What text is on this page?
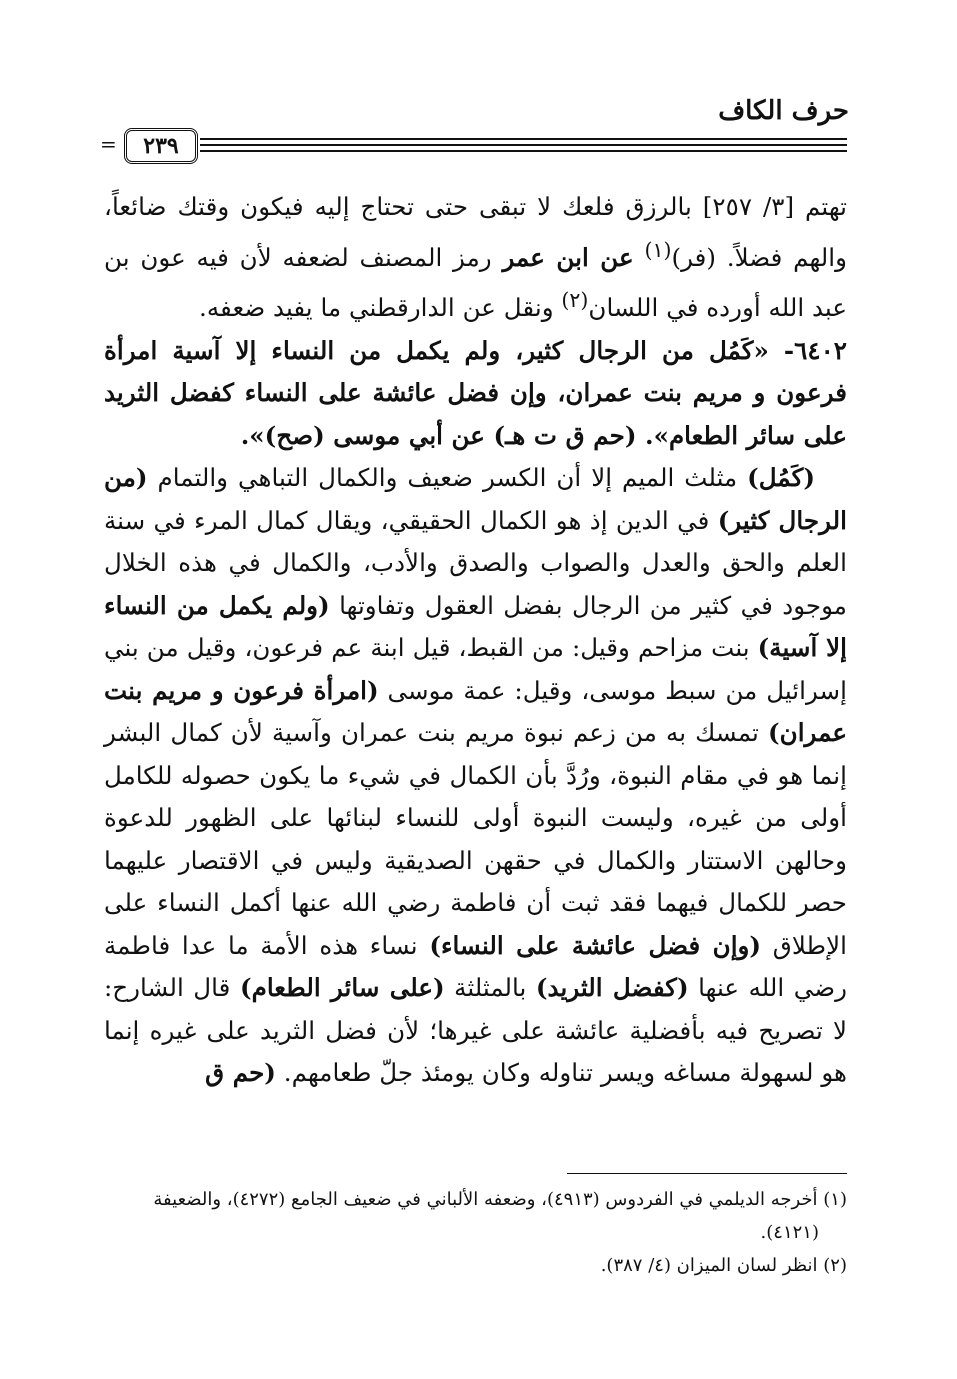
حرف الكاف
=	٢٣٩

تهتم [٣/ ٢٥٧] بالرزق فلعك لا تبقى حتى تحتاج إليه فيكون وقتك ضائعاً، والهم فضلاً. (فر)$^{(١)}$ عن ابن عمر رمز المصنف لضعفه لأن فيه عون بن عبد الله أورده في اللسان$^{(٢)}$ ونقل عن الدارقطني ما يفيد ضعفه.

٦٤٠٢- «كَمُل من الرجال كثير، ولم يكمل من النساء إلا آسية امرأة فرعون و مريم بنت عمران، وإن فضل عائشة على النساء كفضل الثريد على سائر الطعام». (حم ق ت هـ) عن أبي موسى (صح)».

(كَمُل) مثلث الميم إلا أن الكسر ضعيف والكمال التباهي والتمام (من الرجال كثير) في الدين إذ هو الكمال الحقيقي، ويقال كمال المرء في سنة العلم والحق والعدل والصواب والصدق والأدب، والكمال في هذه الخلال موجود في كثير من الرجال بفضل العقول وتفاوتها (ولم يكمل من النساء إلا آسية) بنت مزاحم وقيل: من القبط، قيل ابنة عم فرعون، وقيل من بني إسرائيل من سبط موسى، وقيل: عمة موسى (امرأة فرعون و مريم بنت عمران) تمسك به من زعم نبوة مريم بنت عمران وآسية لأن كمال البشر إنما هو في مقام النبوة، ورُدَّ بأن الكمال في شيء ما يكون حصوله للكامل أولى من غيره، وليست النبوة أولى للنساء لبنائها على الظهور للدعوة وحالهن الاستتار والكمال في حقهن الصديقية وليس في الاقتصار عليهما حصر للكمال فيهما فقد ثبت أن فاطمة رضي الله عنها أكمل النساء على الإطلاق (وإن فضل عائشة على النساء) نساء هذه الأمة ما عدا فاطمة رضي الله عنها (كفضل الثريد) بالمثلثة (على سائر الطعام) قال الشارح: لا تصريح فيه بأفضلية عائشة على غيرها؛ لأن فضل الثريد على غيره إنما هو لسهولة مساغه ويسر تناوله وكان يومئذ جلّ طعامهم. (حم ق

(١) أخرجه الديلمي في الفردوس (٤٩١٣)، وضعفه الألباني في ضعيف الجامع (٤٢٧٢)، والضعيفة
(٤١٢١).

(٢) انظر لسان الميزان (٤/ ٣٨٧).
